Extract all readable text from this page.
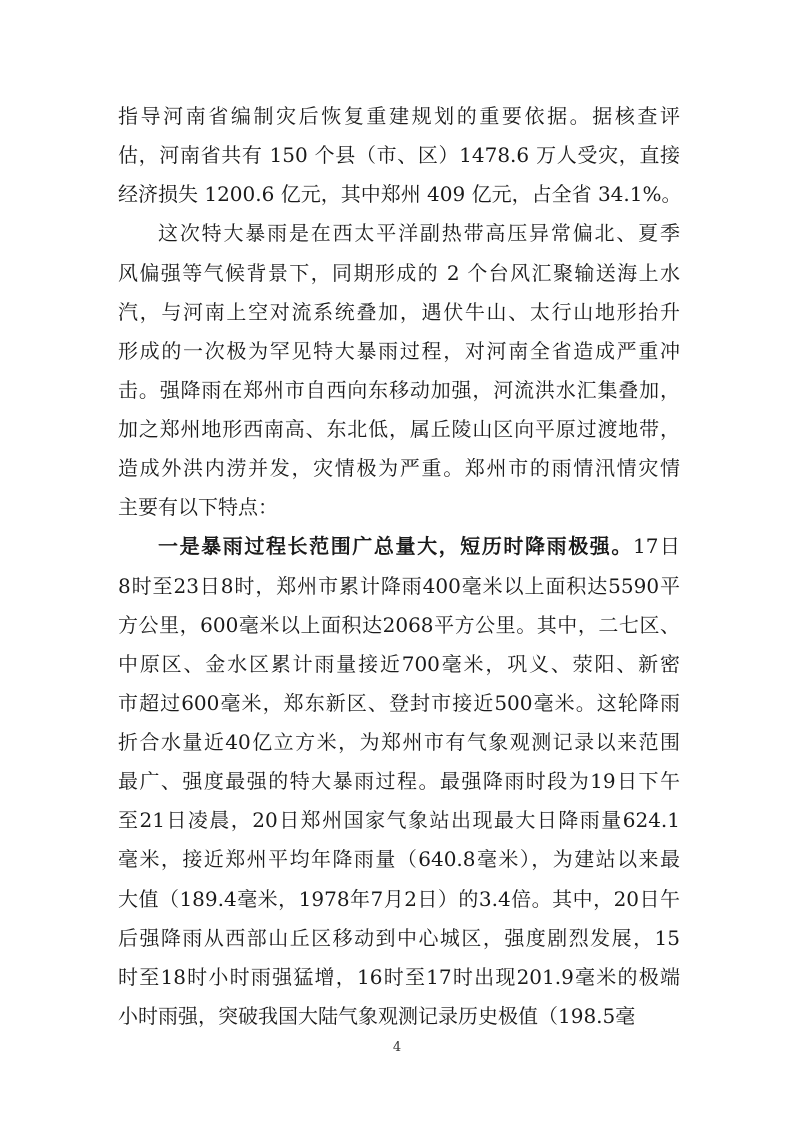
指导河南省编制灾后恢复重建规划的重要依据。据核查评
估，河南省共有 150 个县（市、区）1478.6 万人受灾，直接
经济损失 1200.6 亿元，其中郑州 409 亿元，占全省 34.1%。
这次特大暴雨是在西太平洋副热带高压异常偏北、夏季
风偏强等气候背景下，同期形成的 2 个台风汇聚输送海上水
汽，与河南上空对流系统叠加，遇伏牛山、太行山地形抬升
形成的一次极为罕见特大暴雨过程，对河南全省造成严重冲
击。强降雨在郑州市自西向东移动加强，河流洪水汇集叠加，
加之郑州地形西南高、东北低，属丘陵山区向平原过渡地带，
造成外洪内涝并发，灾情极为严重。郑州市的雨情汛情灾情
主要有以下特点：
一是暴雨过程长范围广总量大，短历时降雨极强。17日
8时至23日8时，郑州市累计降雨400毫米以上面积达5590平
方公里，600毫米以上面积达2068平方公里。其中，二七区、
中原区、金水区累计雨量接近700毫米，巩义、荥阳、新密
市超过600毫米，郑东新区、登封市接近500毫米。这轮降雨
折合水量近40亿立方米，为郑州市有气象观测记录以来范围
最广、强度最强的特大暴雨过程。最强降雨时段为19日下午
至21日凌晨，20日郑州国家气象站出现最大日降雨量624.1
毫米，接近郑州平均年降雨量（640.8毫米），为建站以来最
大值（189.4毫米，1978年7月2日）的3.4倍。其中，20日午
后强降雨从西部山丘区移动到中心城区，强度剧烈发展，15
4
时至18时小时雨强猛增，16时至17时出现201.9毫米的极端
小时雨强，突破我国大陆气象观测记录历史极值（198.5毫
